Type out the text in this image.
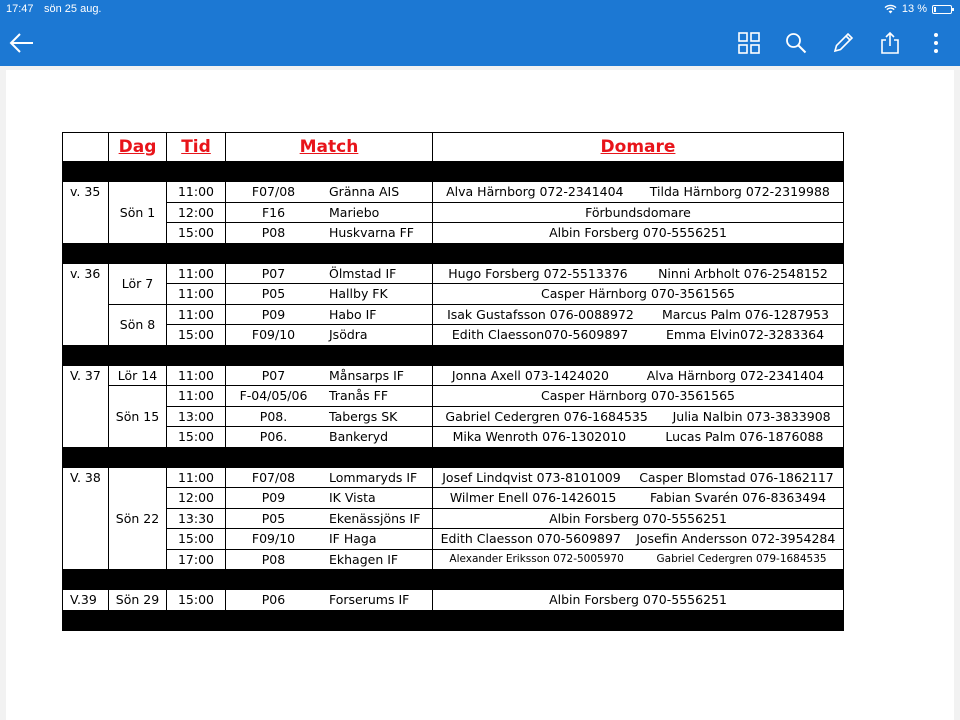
17:47 sön 25 aug.	13 %
	Dag	Tid	Match	Domare

v. 35	Sön 1	11:00	F07/08 Gränna AIS	Alva Härnborg 072-2341404 Tilda Härnborg 072-2319988

		12:00	F16 Mariebo	Förbundsdomare

		15:00	P08 Huskvarna FF	Albin Forsberg 070-5556251

v. 36	Lör 7	11:00	P07 Ölmstad IF	Hugo Forsberg 072-5513376 Ninni Arbholt 076-2548152

		11:00	P05 Hallby FK	Casper Härnborg 070-3561565

	Sön 8	11:00	P09 Habo IF	Isak Gustafsson 076-0088972 Marcus Palm 076-1287953

		15:00	F09/10 Jsödra	Edith Claesson070-5609897 Emma Elvin072-3283364

V. 37	Lör 14	11:00	P07 Månsarps IF	Jonna Axell 073-1424020 Alva Härnborg 072-2341404

	Sön 15	11:00	F-04/05/06 Tranås FF	Casper Härnborg 070-3561565

		13:00	P08. Tabergs SK	Gabriel Cedergren 076-1684535 Julia Nalbin 073-3833908

		15:00	P06. Bankeryd	Mika Wenroth 076-1302010 Lucas Palm 076-1876088

V. 38	Sön 22	11:00	F07/08 Lommaryds IF	Josef Lindqvist 073-8101009 Casper Blomstad 076-1862117

		12:00	P09 IK Vista	Wilmer Enell 076-1426015 Fabian Svarén 076-8363494

		13:30	P05 Ekenässjöns IF	Albin Forsberg 070-5556251

		15:00	F09/10 IF Haga	Edith Claesson 070-5609897 Josefin Andersson 072-3954284

		17:00	P08 Ekhagen IF	Alexander Eriksson 072-5005970 Gabriel Cedergren 079-1684535

V.39	Sön 29	15:00	P06 Forserums IF	Albin Forsberg 070-5556251
